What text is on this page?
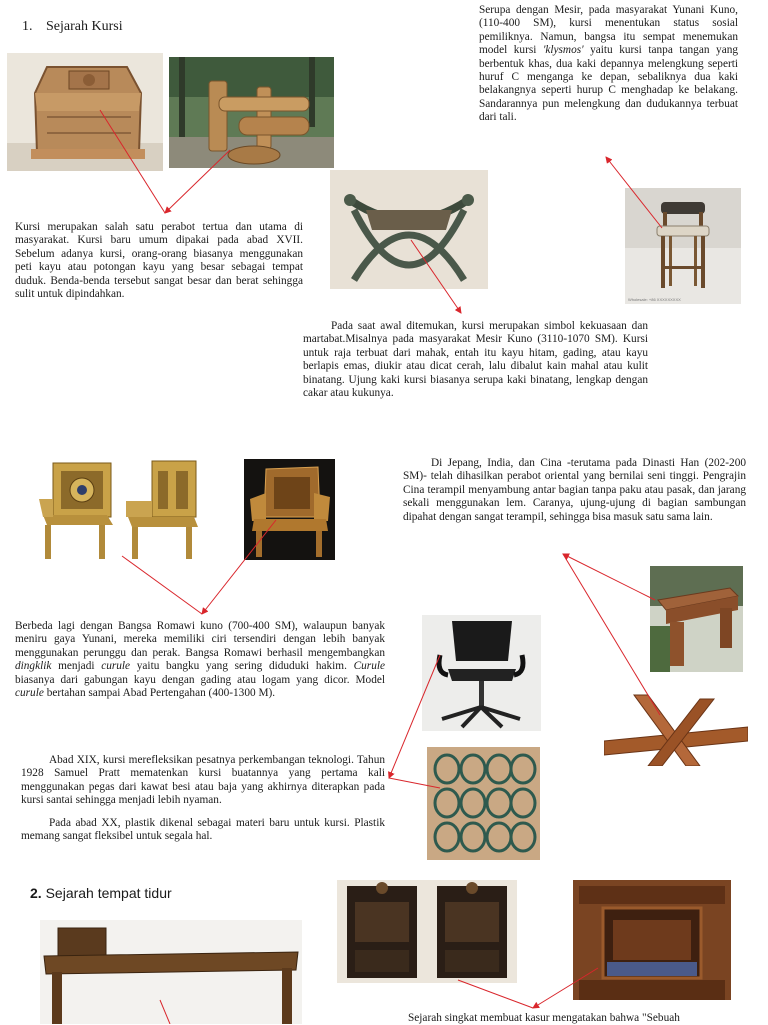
1. Sejarah Kursi
Serupa dengan Mesir, pada masyarakat Yunani Kuno, (110-400 SM), kursi menentukan status sosial pemiliknya. Namun, bangsa itu sempat menemukan model kursi 'klysmos' yaitu kursi tanpa tangan yang berbentuk khas, dua kaki depannya melengkung seperti huruf C menganga ke depan, sebaliknya dua kaki belakangnya seperti hurup C menghadap ke belakang. Sandarannya pun melengkung dan dudukannya terbuat dari tali.
Wholesale: +86 XXXXXXXXX
Kursi merupakan salah satu perabot tertua dan utama di masyarakat. Kursi baru umum dipakai pada abad XVII. Sebelum adanya kursi, orang-orang biasanya menggunakan peti kayu atau potongan kayu yang besar sebagai tempat duduk. Benda-benda tersebut sangat besar dan berat sehingga sulit untuk dipindahkan.
Pada saat awal ditemukan, kursi merupakan simbol kekuasaan dan martabat.Misalnya pada masyarakat Mesir Kuno (3110-1070 SM). Kursi untuk raja terbuat dari mahak, entah itu kayu hitam, gading, atau kayu berlapis emas, diukir atau dicat cerah, lalu dibalut kain mahal atau kulit binatang. Ujung kaki kursi biasanya serupa kaki binatang, lengkap dengan cakar atau kukunya.
Di Jepang, India, dan Cina -terutama pada Dinasti Han (202-200 SM)- telah dihasilkan perabot oriental yang bernilai seni tinggi. Pengrajin Cina terampil menyambung antar bagian tanpa paku atau pasak, dan jarang sekali menggunakan lem. Caranya, ujung-ujung di bagian sambungan dipahat dengan sangat terampil, sehingga bisa masuk satu sama lain.
Berbeda lagi dengan Bangsa Romawi kuno (700-400 SM), walaupun banyak meniru gaya Yunani, mereka memiliki ciri tersendiri dengan lebih banyak menggunakan perunggu dan perak. Bangsa Romawi berhasil mengembangkan dingklik menjadi curule yaitu bangku yang sering diduduki hakim. Curule biasanya dari gabungan kayu dengan gading atau logam yang dicor. Model curule bertahan sampai Abad Pertengahan (400-1300 M).
Abad XIX, kursi merefleksikan pesatnya perkembangan teknologi. Tahun 1928 Samuel Pratt mematenkan kursi buatannya yang pertama kali menggunakan pegas dari kawat besi atau baja yang akhirnya diterapkan pada kursi santai sehingga menjadi lebih nyaman.
Pada abad XX, plastik dikenal sebagai materi baru untuk kursi. Plastik memang sangat fleksibel untuk segala hal.
2. Sejarah tempat tidur
Sejarah singkat membuat kasur mengatakan bahwa "Sebuah
